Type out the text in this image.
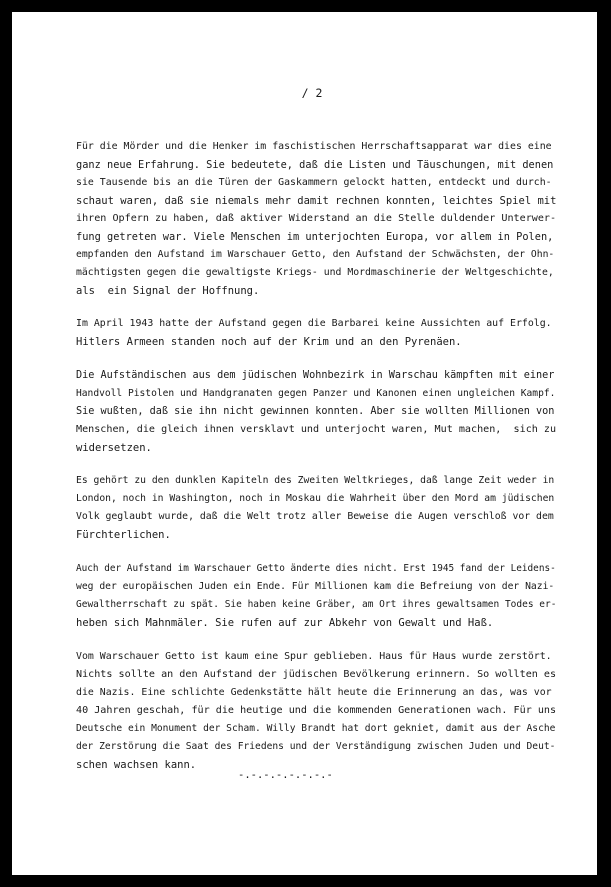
/ 2
Für die Mörder und die Henker im faschistischen Herrschaftsapparat war dies eine
ganz neue Erfahrung. Sie bedeutete, daß die Listen und Täuschungen, mit denen
sie Tausende bis an die Türen der Gaskammern gelockt hatten, entdeckt und durch-
schaut waren, daß sie niemals mehr damit rechnen konnten, leichtes Spiel mit
ihren Opfern zu haben, daß aktiver Widerstand an die Stelle duldender Unterwer-
fung getreten war. Viele Menschen im unterjochten Europa, vor allem in Polen,
empfanden den Aufstand im Warschauer Getto, den Aufstand der Schwächsten, der Ohn-
mächtigsten gegen die gewaltigste Kriegs- und Mordmaschinerie der Weltgeschichte,
als  ein Signal der Hoffnung.
Im April 1943 hatte der Aufstand gegen die Barbarei keine Aussichten auf Erfolg.
Hitlers Armeen standen noch auf der Krim und an den Pyrenäen.
Die Aufständischen aus dem jüdischen Wohnbezirk in Warschau kämpften mit einer
Handvoll Pistolen und Handgranaten gegen Panzer und Kanonen einen ungleichen Kampf.
Sie wußten, daß sie ihn nicht gewinnen konnten. Aber sie wollten Millionen von
Menschen, die gleich ihnen versklavt und unterjocht waren, Mut machen,  sich zu
widersetzen.
Es gehört zu den dunklen Kapiteln des Zweiten Weltkrieges, daß lange Zeit weder in
London, noch in Washington, noch in Moskau die Wahrheit über den Mord am jüdischen
Volk geglaubt wurde, daß die Welt trotz aller Beweise die Augen verschloß vor dem
Fürchterlichen.
Auch der Aufstand im Warschauer Getto änderte dies nicht. Erst 1945 fand der Leidens-
weg der europäischen Juden ein Ende. Für Millionen kam die Befreiung von der Nazi-
Gewaltherrschaft zu spät. Sie haben keine Gräber, am Ort ihres gewaltsamen Todes er-
heben sich Mahnmäler. Sie rufen auf zur Abkehr von Gewalt und Haß.
Vom Warschauer Getto ist kaum eine Spur geblieben. Haus für Haus wurde zerstört.
Nichts sollte an den Aufstand der jüdischen Bevölkerung erinnern. So wollten es
die Nazis. Eine schlichte Gedenkstätte hält heute die Erinnerung an das, was vor
40 Jahren geschah, für die heutige und die kommenden Generationen wach. Für uns
Deutsche ein Monument der Scham. Willy Brandt hat dort gekniet, damit aus der Asche
der Zerstörung die Saat des Friedens und der Verständigung zwischen Juden und Deut-
schen wachsen kann.
-.-.-.-.-.-.-.-
